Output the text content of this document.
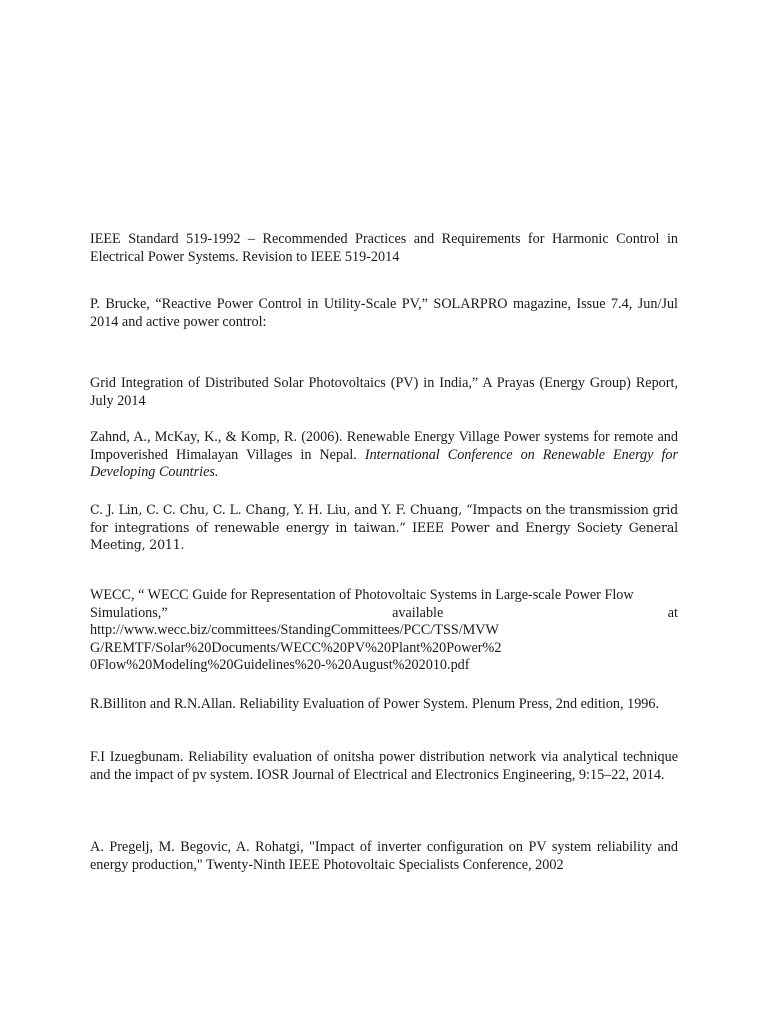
IEEE Standard 519-1992 – Recommended Practices and Requirements for Harmonic Control in Electrical Power Systems. Revision to IEEE 519-2014

P. Brucke, “Reactive Power Control in Utility-Scale PV,” SOLARPRO magazine, Issue 7.4, Jun/Jul 2014 and active power control:

Grid Integration of Distributed Solar Photovoltaics (PV) in India,” A Prayas (Energy Group) Report, July 2014

Zahnd, A., McKay, K., & Komp, R. (2006). Renewable Energy Village Power systems for remote and Impoverished Himalayan Villages in Nepal. International Conference on Renewable Energy for Developing Countries.

C. J. Lin, C. C. Chu, C. L. Chang, Y. H. Liu, and Y. F. Chuang, “Impacts on the transmission grid for integrations of renewable energy in taiwan.” IEEE Power and Energy Society General Meeting, 2011.

WECC, “ WECC Guide for Representation of Photovoltaic Systems in Large-scale Power Flow
Simulations,”	available	at
http://www.wecc.biz/committees/StandingCommittees/PCC/TSS/MVW
G/REMTF/Solar%20Documents/WECC%20PV%20Plant%20Power%2
0Flow%20Modeling%20Guidelines%20-%20August%202010.pdf

R.Billiton and R.N.Allan. Reliability Evaluation of Power System. Plenum Press, 2nd edition, 1996.

F.I Izuegbunam. Reliability evaluation of onitsha power distribution network via analytical technique and the impact of pv system. IOSR Journal of Electrical and Electronics Engineering, 9:15–22, 2014.

A. Pregelj, M. Begovic, A. Rohatgi, "Impact of inverter configuration on PV system reliability and energy production," Twenty-Ninth IEEE Photovoltaic Specialists Conference, 2002
